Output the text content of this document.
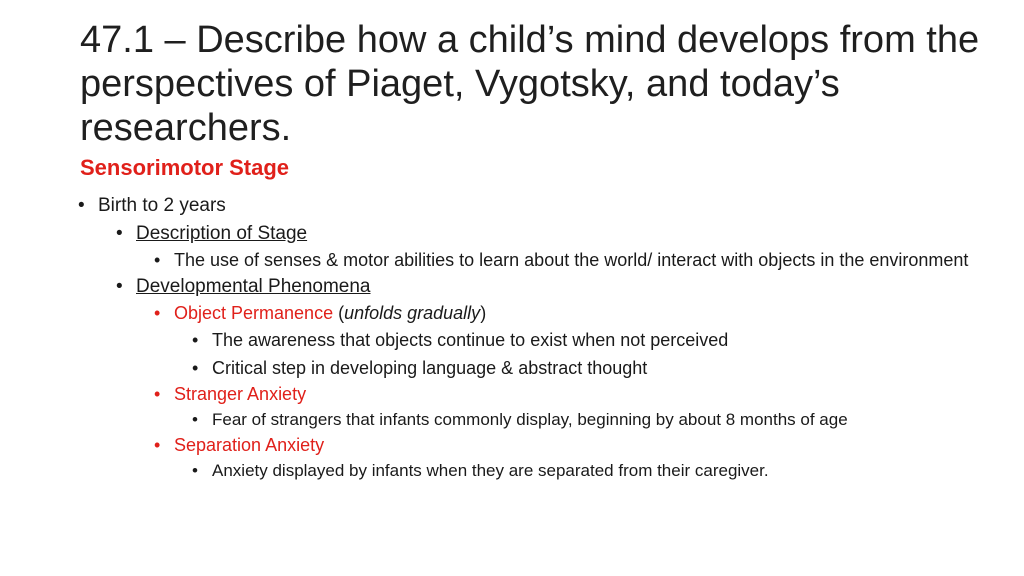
47.1 – Describe how a child’s mind develops from the perspectives of Piaget, Vygotsky, and today’s researchers.
Sensorimotor Stage
• Birth to 2 years
• Description of Stage
• The use of senses & motor abilities to learn about the world/ interact with objects in the environment
• Developmental Phenomena
• Object Permanence (unfolds gradually)
• The awareness that objects continue to exist when not perceived
• Critical step in developing language & abstract thought
• Stranger Anxiety
• Fear of strangers that infants commonly display, beginning by about 8 months of age
• Separation Anxiety
• Anxiety displayed by infants when they are separated from their caregiver.
